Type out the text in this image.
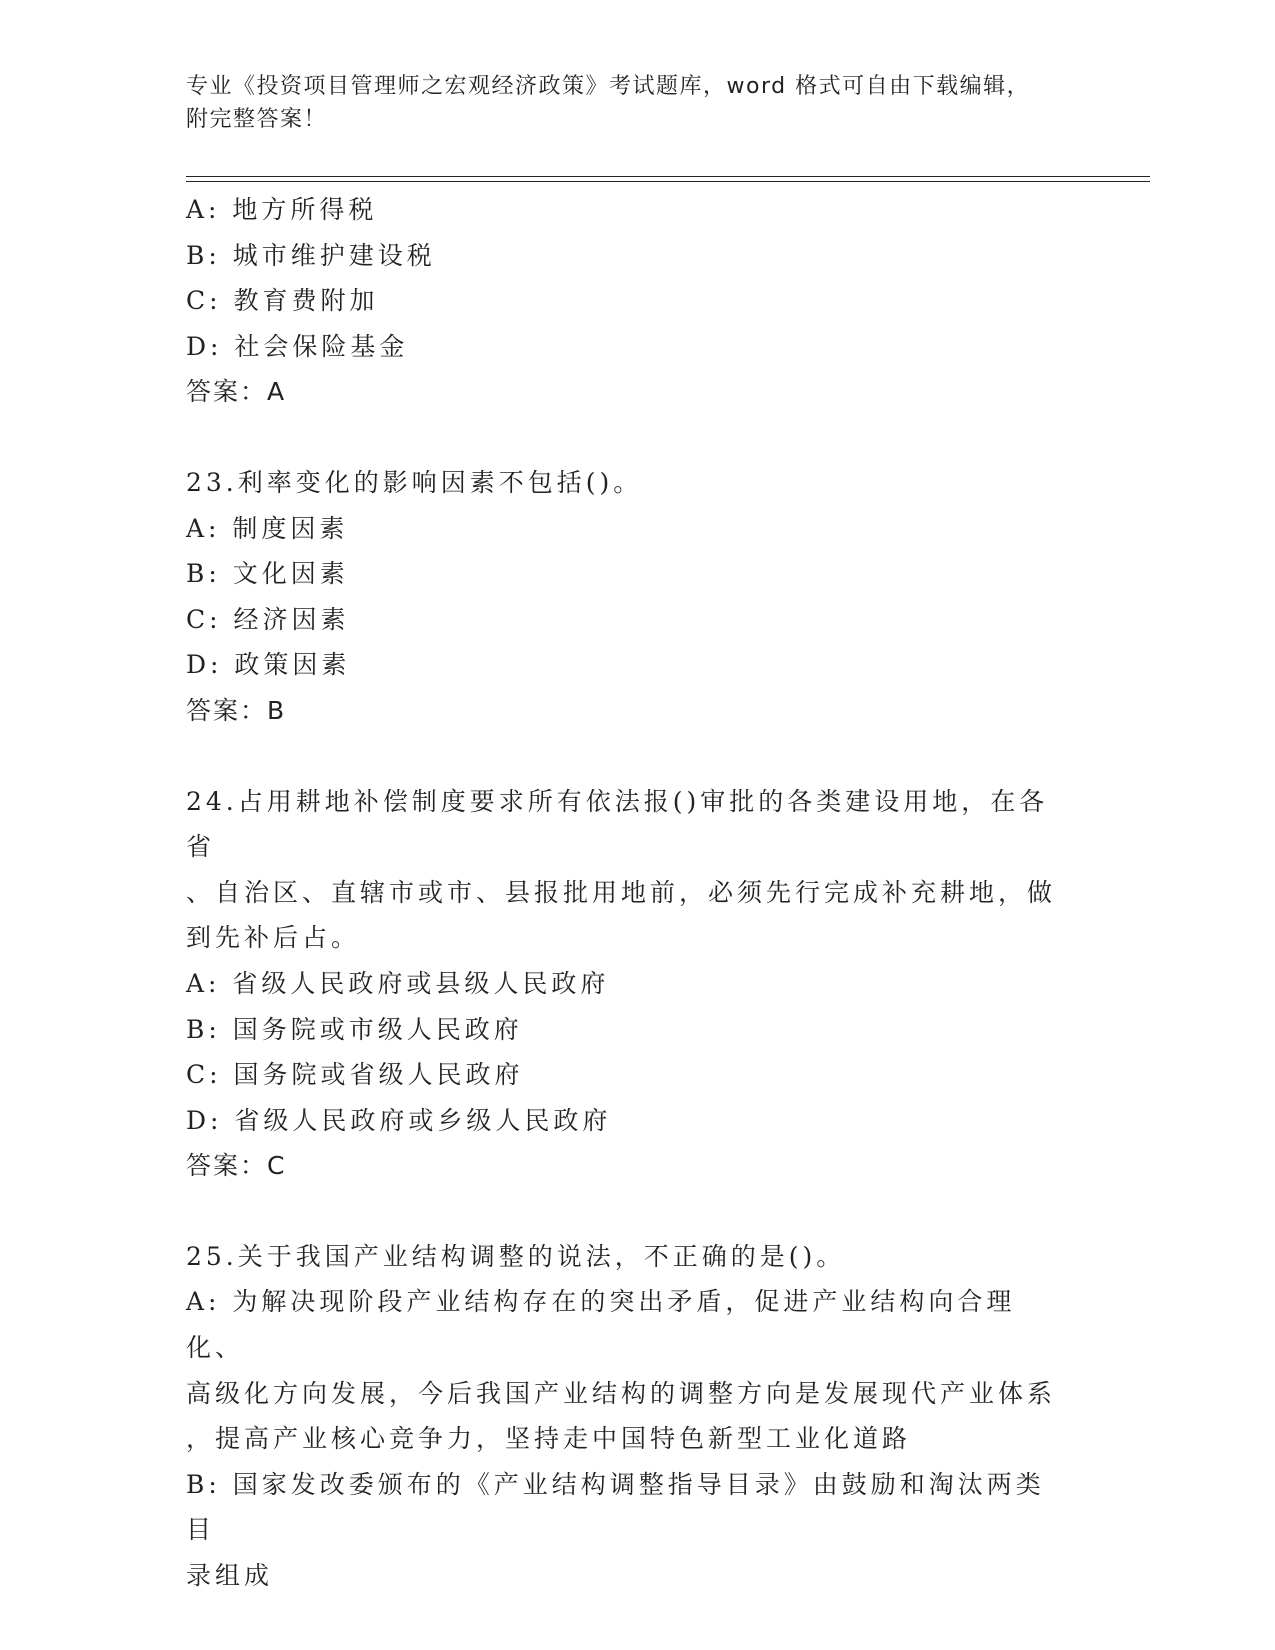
专业《投资项目管理师之宏观经济政策》考试题库，word 格式可自由下载编辑，
附完整答案！
A: 地方所得税
B: 城市维护建设税
C: 教育费附加
D: 社会保险基金
答案：A
23.利率变化的影响因素不包括()。
A: 制度因素
B: 文化因素
C: 经济因素
D: 政策因素
答案：B
24.占用耕地补偿制度要求所有依法报()审批的各类建设用地，在各省
、自治区、直辖市或市、县报批用地前，必须先行完成补充耕地，做
到先补后占。
A: 省级人民政府或县级人民政府
B: 国务院或市级人民政府
C: 国务院或省级人民政府
D: 省级人民政府或乡级人民政府
答案：C
25.关于我国产业结构调整的说法，不正确的是()。
A: 为解决现阶段产业结构存在的突出矛盾，促进产业结构向合理化、
高级化方向发展，今后我国产业结构的调整方向是发展现代产业体系
，提高产业核心竞争力，坚持走中国特色新型工业化道路
B: 国家发改委颁布的《产业结构调整指导目录》由鼓励和淘汰两类目
录组成
